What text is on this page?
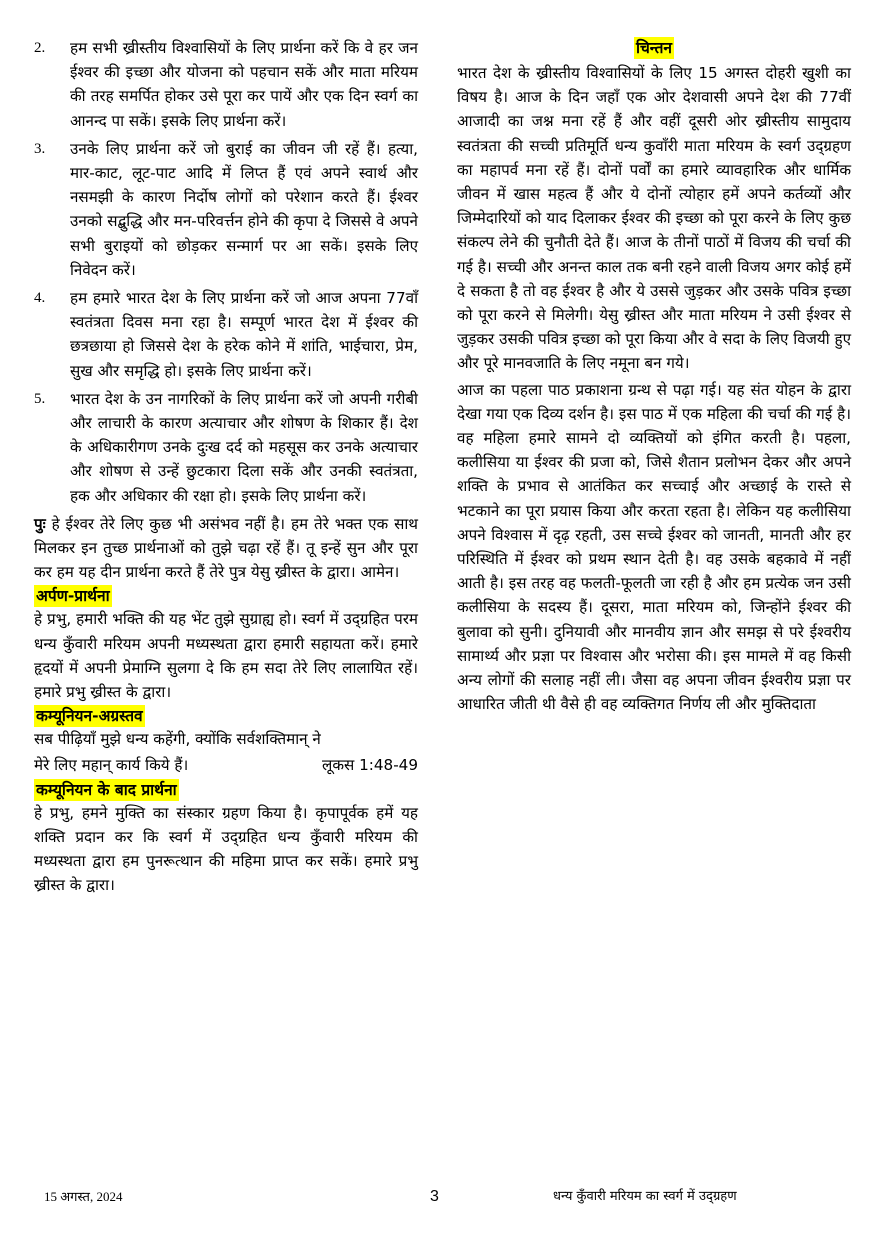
2.	हम सभी ख्रीस्तीय विश्वासियों के लिए प्रार्थना करें कि वे हर जन ईश्वर की इच्छा और योजना को पहचान सकें और माता मरियम की तरह समर्पित होकर उसे पूरा कर पायें और एक दिन स्वर्ग का आनन्द पा सकें। इसके लिए प्रार्थना करें।
3.	उनके लिए प्रार्थना करें जो बुराई का जीवन जी रहें हैं। हत्या, मार-काट, लूट-पाट आदि में लिप्त हैं एवं अपने स्वार्थ और नसमझी के कारण निर्दोष लोगों को परेशान करते हैं। ईश्वर उनको सद्बुद्धि और मन-परिवर्त्तन होने की कृपा दे जिससे वे अपने सभी बुराइयों को छोड़कर सन्मार्ग पर आ सकें। इसके लिए निवेदन करें।
4.	हम हमारे भारत देश के लिए प्रार्थना करें जो आज अपना 77वाँ स्वतंत्रता दिवस मना रहा है। सम्पूर्ण भारत देश में ईश्वर की छत्रछाया हो जिससे देश के हरेक कोने में शांति, भाईचारा, प्रेम, सुख और समृद्धि हो। इसके लिए प्रार्थना करें।
5.	भारत देश के उन नागरिकों के लिए प्रार्थना करें जो अपनी गरीबी और लाचारी के कारण अत्याचार और शोषण के शिकार हैं। देश के अधिकारीगण उनके दुःख दर्द को महसूस कर उनके अत्याचार और शोषण से उन्हें छुटकारा दिला सकें और उनकी स्वतंत्रता, हक और अधिकार की रक्षा हो। इसके लिए प्रार्थना करें।

पुः हे ईश्वर तेरे लिए कुछ भी असंभव नहीं है। हम तेरे भक्त एक साथ मिलकर इन तुच्छ प्रार्थनाओं को तुझे चढ़ा रहें हैं। तू इन्हें सुन और पूरा कर हम यह दीन प्रार्थना करते हैं तेरे पुत्र येसु ख्रीस्त के द्वारा। आमेन।

अर्पण-प्रार्थना

हे प्रभु, हमारी भक्ति की यह भेंट तुझे सुग्राह्य हो। स्वर्ग में उद्ग्रहित परम धन्य कुँवारी मरियम अपनी मध्यस्थता द्वारा हमारी सहायता करें। हमारे हृदयों में अपनी प्रेमाग्नि सुलगा दे कि हम सदा तेरे लिए लालायित रहें। हमारे प्रभु ख्रीस्त के द्वारा।

कम्यूनियन-अग्रस्तव

सब पीढ़ियाँ मुझे धन्य कहेंगी, क्योंकि सर्वशक्तिमान् ने

मेरे लिए महान् कार्य किये हैं।	लूकस 1:48-49
कम्यूनियन के बाद प्रार्थना

हे प्रभु, हमने मुक्ति का संस्कार ग्रहण किया है। कृपापूर्वक हमें यह शक्ति प्रदान कर कि स्वर्ग में उद्ग्रहित धन्य कुँवारी मरियम की मध्यस्थता द्वारा हम पुनरूत्थान की महिमा प्राप्त कर सकें। हमारे प्रभु ख्रीस्त के द्वारा।

चिन्तन

भारत देश के ख्रीस्तीय विश्वासियों के लिए 15 अगस्त दोहरी खुशी का विषय है। आज के दिन जहाँ एक ओर देशवासी अपने देश की 77वीं आजादी का जश्न मना रहें हैं और वहीं दूसरी ओर ख्रीस्तीय सामुदाय स्वतंत्रता की सच्ची प्रतिमूर्ति धन्य कुवाँरी माता मरियम के स्वर्ग उद्ग्रहण का महापर्व मना रहें हैं। दोनों पर्वों का हमारे व्यावहारिक और धार्मिक जीवन में खास महत्व हैं और ये दोनों त्योहार हमें अपने कर्तव्यों और जिम्मेदारियों को याद दिलाकर ईश्वर की इच्छा को पूरा करने के लिए कुछ संकल्प लेने की चुनौती देते हैं। आज के तीनों पाठों में विजय की चर्चा की गई है। सच्ची और अनन्त काल तक बनी रहने वाली विजय अगर कोई हमें दे सकता है तो वह ईश्वर है और ये उससे जुड़कर और उसके पवित्र इच्छा को पूरा करने से मिलेगी। येसु ख्रीस्त और माता मरियम ने उसी ईश्वर से जुड़कर उसकी पवित्र इच्छा को पूरा किया और वे सदा के लिए विजयी हुए और पूरे मानवजाति के लिए नमूना बन गये।

आज का पहला पाठ प्रकाशना ग्रन्थ से पढ़ा गई। यह संत योहन के द्वारा देखा गया एक दिव्य दर्शन है। इस पाठ में एक महिला की चर्चा की गई है। वह महिला हमारे सामने दो व्यक्तियों को इंगित करती है। पहला, कलीसिया या ईश्वर की प्रजा को, जिसे शैतान प्रलोभन देकर और अपने शक्ति के प्रभाव से आतंकित कर सच्चाई और अच्छाई के रास्ते से भटकाने का पूरा प्रयास किया और करता रहता है। लेकिन यह कलीसिया अपने विश्वास में दृढ़ रहती, उस सच्चे ईश्वर को जानती, मानती और हर परिस्थिति में ईश्वर को प्रथम स्थान देती है। वह उसके बहकावे में नहीं आती है। इस तरह वह फलती-फूलती जा रही है और हम प्रत्येक जन उसी कलीसिया के सदस्य हैं। दूसरा, माता मरियम को, जिन्होंने ईश्वर की बुलावा को सुनी। दुनियावी और मानवीय ज्ञान और समझ से परे ईश्वरीय सामार्थ्य और प्रज्ञा पर विश्वास और भरोसा की। इस मामले में वह किसी अन्य लोगों की सलाह नहीं ली। जैसा वह अपना जीवन ईश्वरीय प्रज्ञा पर आधारित जीती थी वैसे ही वह व्यक्तिगत निर्णय ली और मुक्तिदाता

15 अगस्त, 2024	3	धन्य कुँवारी मरियम का स्वर्ग में उद्ग्रहण
